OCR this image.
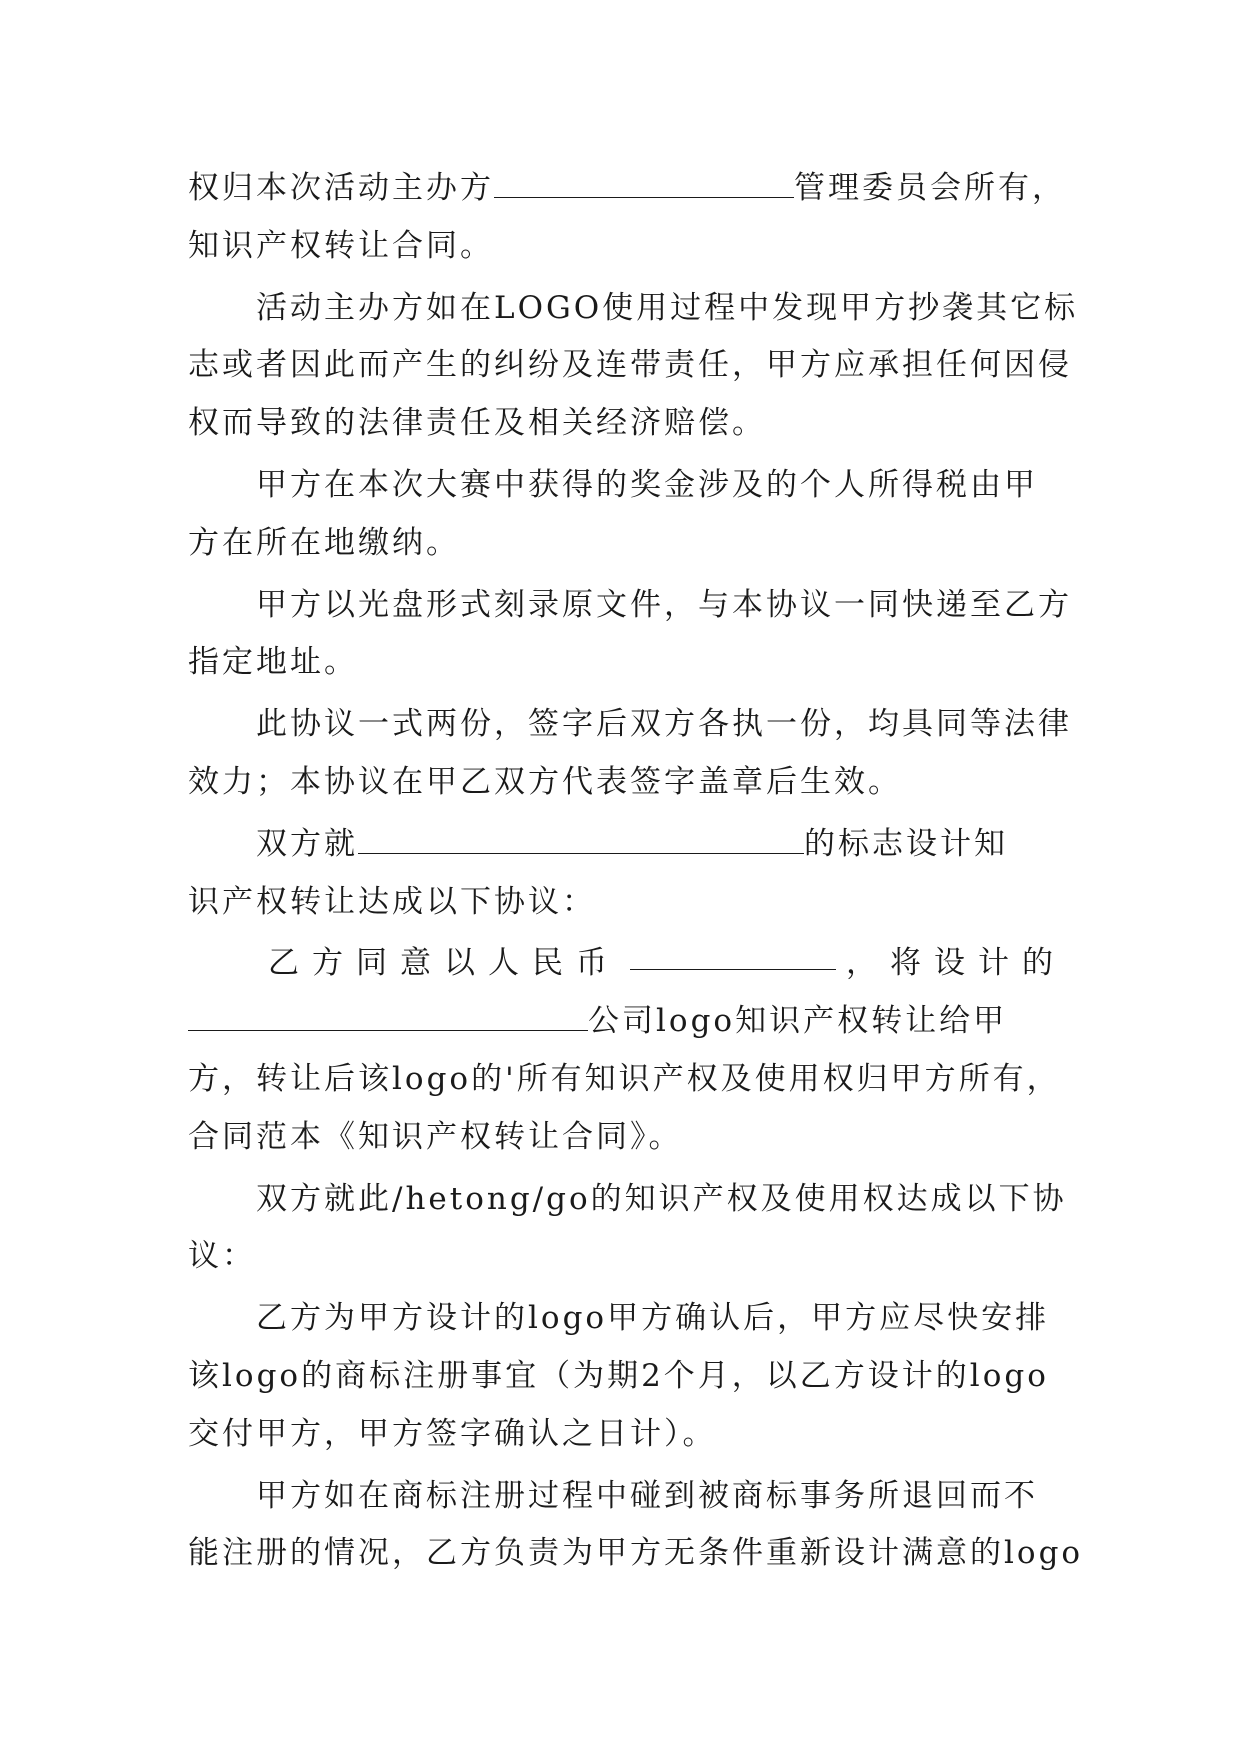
权归本次活动主办方	管理委员会所有，
知识产权转让合同。
活动主办方如在LOGO使用过程中发现甲方抄袭其它标
志或者因此而产生的纠纷及连带责任，甲方应承担任何因侵
权而导致的法律责任及相关经济赔偿。
甲方在本次大赛中获得的奖金涉及的个人所得税由甲
方在所在地缴纳。
甲方以光盘形式刻录原文件，与本协议一同快递至乙方
指定地址。
此协议一式两份，签字后双方各执一份，均具同等法律
效力；本协议在甲乙双方代表签字盖章后生效。
双方就	的标志设计知
识产权转让达成以下协议：
乙方同意以人民币	，将设计的
公司logo知识产权转让给甲
方，转让后该logo的'所有知识产权及使用权归甲方所有，
合同范本《知识产权转让合同》。
双方就此/hetong/go的知识产权及使用权达成以下协
议：
乙方为甲方设计的logo甲方确认后，甲方应尽快安排
该logo的商标注册事宜（为期2个月，以乙方设计的logo
交付甲方，甲方签字确认之日计）。
甲方如在商标注册过程中碰到被商标事务所退回而不
能注册的情况，乙方负责为甲方无条件重新设计满意的logo
